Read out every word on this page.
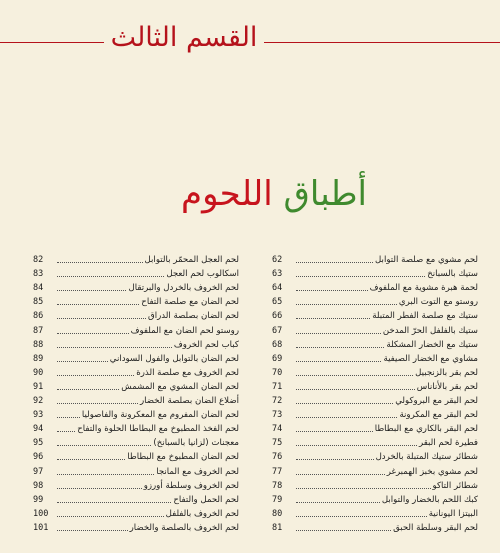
القسم الثالث
أطباق اللحوم
لحم مشوي مع صلصة التوابل
62
ستيك بالسبانخ
63
لحمة هبرة مشوية مع الملفوف
64
روستو مع التوت البري
65
ستيك مع صلصة الفطر المتبلة
66
ستيك بالفلفل الحرّ المدخن
67
ستيك مع الخضار المشكلة
68
مشاوي مع الخضار الصيفية
69
لحم بقر بالزنجبيل
70
لحم بقر بالأناناس
71
لحم البقر مع البروكولي
72
لحم البقر مع المكرونة
73
لحم البقر بالكاري مع البطاطا
74
فطيرة لحم البقر
75
شطائر ستيك المتبلة بالخردل
76
لحم مشوي بخبز الهمبرغر
77
شطائر التاكو
78
كبك اللحم بالخضار والتوابل
79
البيتزا اليونانية
80
لحم البقر وسلطة الحبق
81
لحم العجل المحمّر بالتوابل
82
اسكالوب لحم العجل
83
لحم الخروف بالخردل والبرتقال
84
لحم الضان مع صلصة التفاح
85
لحم الضان بصلصة الدراق
86
روستو لحم الضان مع الملفوف
87
كباب لحم الخروف
88
لحم الضان بالتوابل والفول السوداني
89
لحم الخروف مع صلصة الذرة
90
لحم الضان المشوي مع المشمش
91
أضلاع الضان بصلصة الخضار
92
لحم الضان المفروم مع المعكرونة والفاصوليا
93
لحم الفخذ المطبوخ مع البطاطا الحلوة والتفاح
94
معجنات (لزانيا بالسبانخ)
95
لحم الضان المطبوخ مع البطاطا
96
لحم الخروف مع المانجا
97
لحم الخروف وسلطة أورزو
98
لحم الحمل والتفاح
99
لحم الخروف بالفلفل
100
لحم الخروف بالصلصة والخضار
101
